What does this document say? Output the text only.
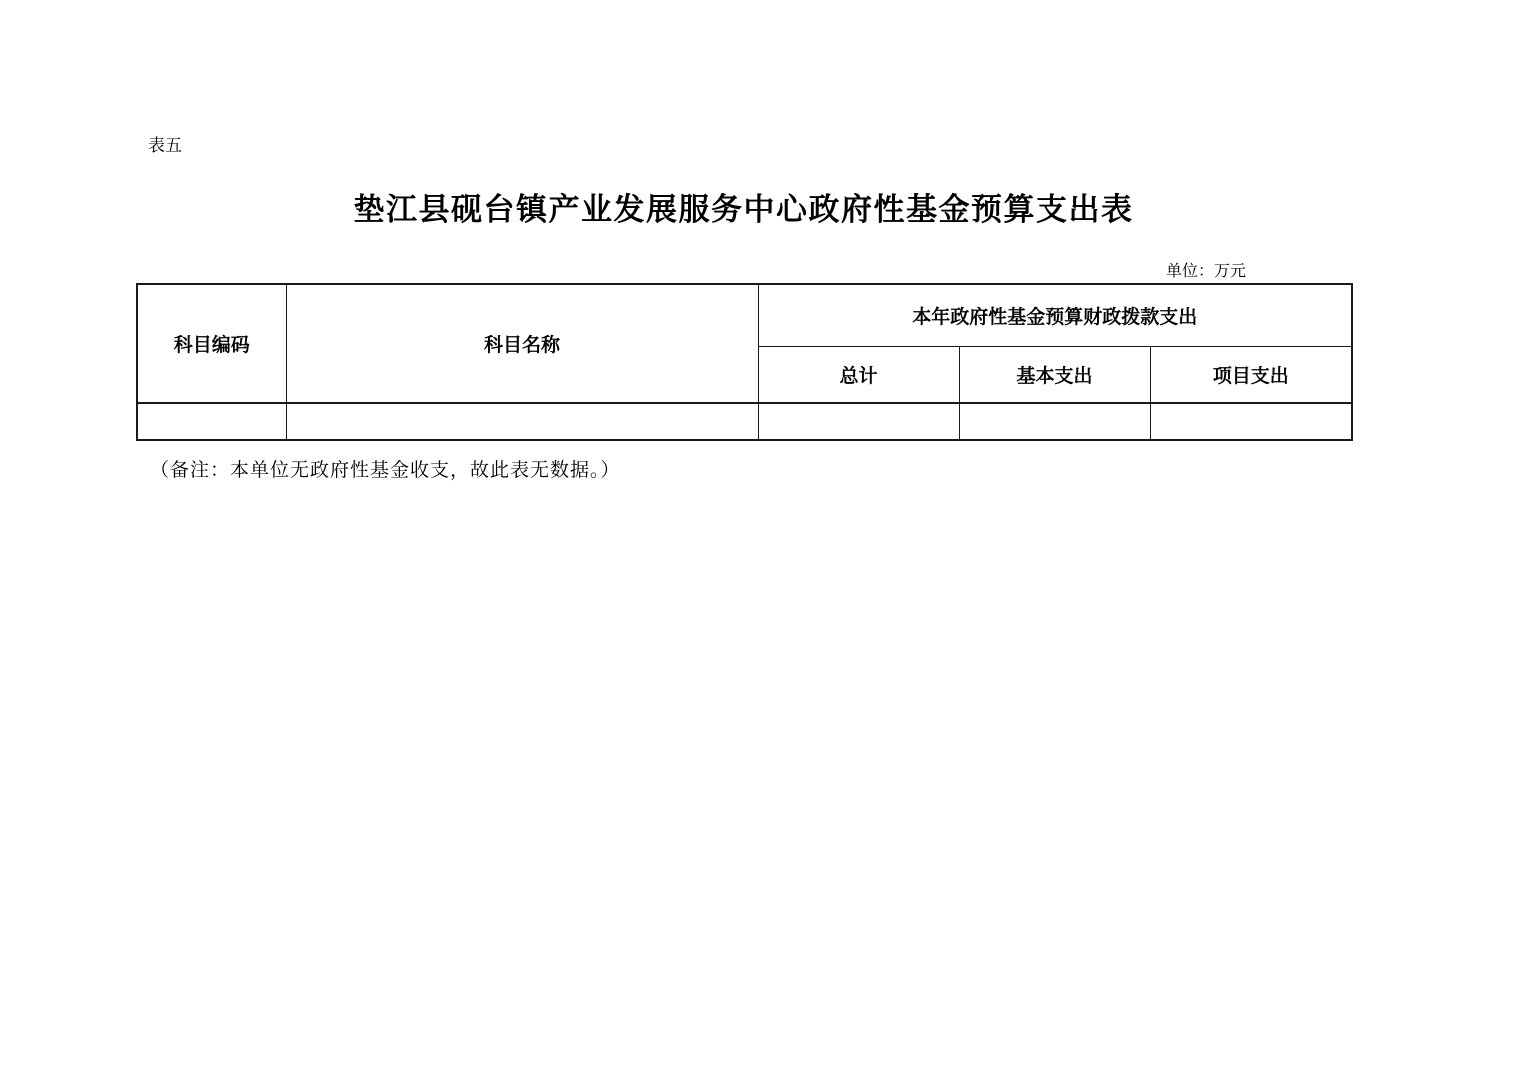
表五
垫江县砚台镇产业发展服务中心政府性基金预算支出表
单位：万元
科目编码	科目名称	本年政府性基金预算财政拨款支出		
		总计	基本支出	项目支出

（备注：本单位无政府性基金收支，故此表无数据。）
